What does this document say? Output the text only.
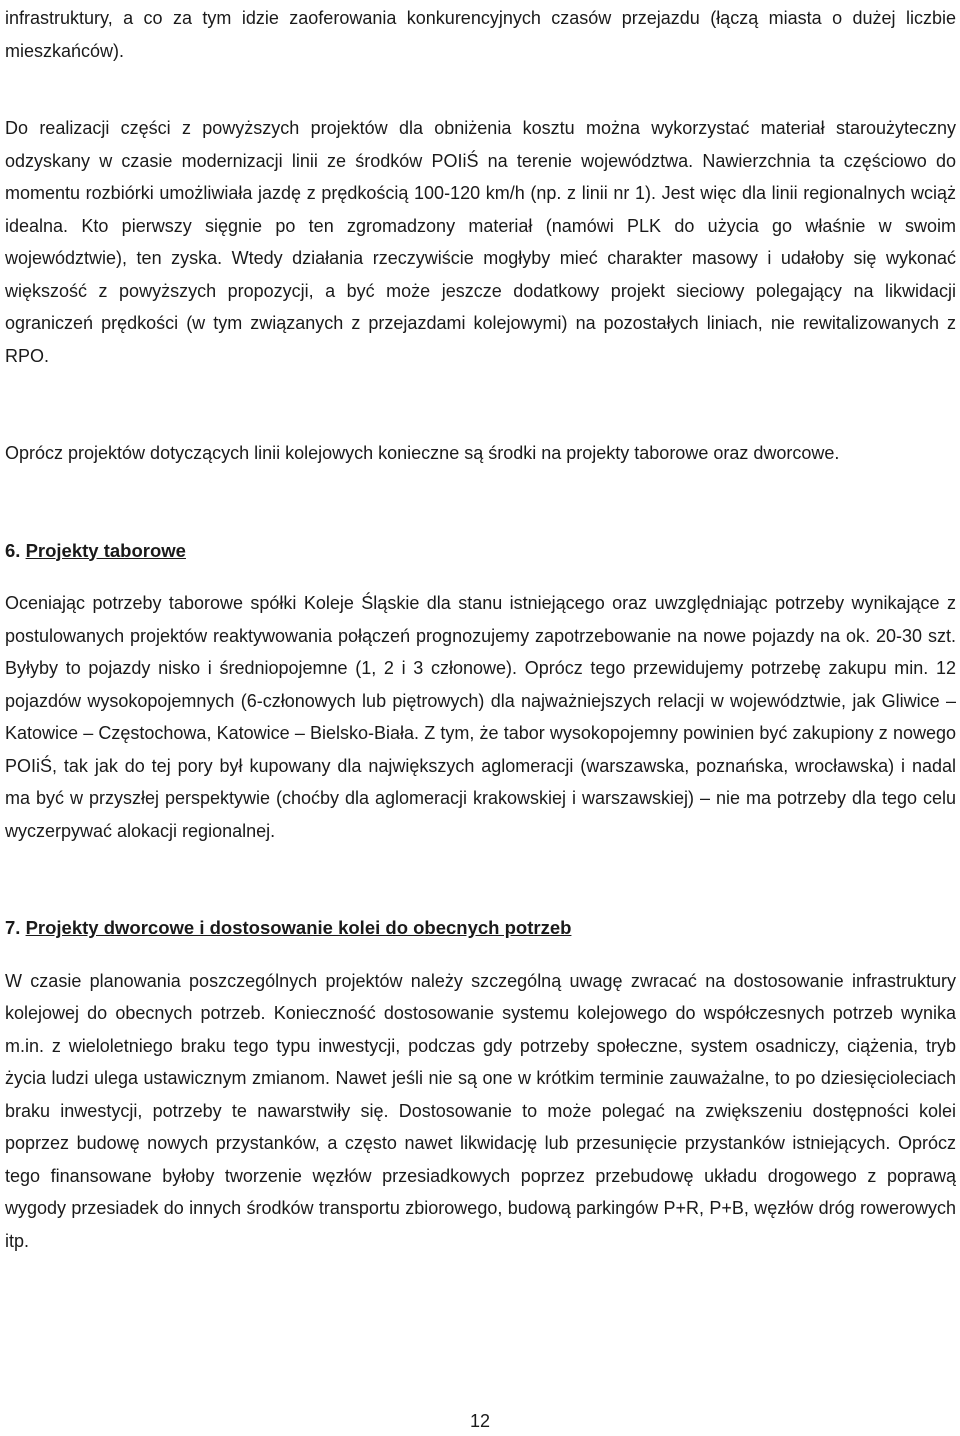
infrastruktury, a co za tym idzie zaoferowania konkurencyjnych czasów przejazdu (łączą miasta o dużej liczbie mieszkańców).

Do realizacji części z powyższych projektów dla obniżenia kosztu można wykorzystać materiał staroużyteczny odzyskany w czasie modernizacji linii ze środków POIiŚ na terenie województwa. Nawierzchnia ta częściowo do momentu rozbiórki umożliwiała jazdę z prędkością 100-120 km/h (np. z linii nr 1). Jest więc dla linii regionalnych wciąż idealna. Kto pierwszy sięgnie po ten zgromadzony materiał (namówi PLK do użycia go właśnie w swoim województwie), ten zyska. Wtedy działania rzeczywiście mogłyby mieć charakter masowy i udałoby się wykonać większość z powyższych propozycji, a być może jeszcze dodatkowy projekt sieciowy polegający na likwidacji ograniczeń prędkości (w tym związanych z przejazdami kolejowymi) na pozostałych liniach, nie rewitalizowanych z RPO.

Oprócz projektów dotyczących linii kolejowych konieczne są środki na projekty taborowe oraz dworcowe.

6. Projekty taborowe

Oceniając potrzeby taborowe spółki Koleje Śląskie dla stanu istniejącego oraz uwzględniając potrzeby wynikające z postulowanych projektów reaktywowania połączeń prognozujemy zapotrzebowanie na nowe pojazdy na ok. 20-30 szt. Byłyby to pojazdy nisko i średniopojemne (1, 2 i 3 członowe). Oprócz tego przewidujemy potrzebę zakupu min. 12 pojazdów wysokopojemnych (6-członowych lub piętrowych) dla najważniejszych relacji w województwie, jak Gliwice – Katowice – Częstochowa, Katowice – Bielsko-Biała. Z tym, że tabor wysokopojemny powinien być zakupiony z nowego POIiŚ, tak jak do tej pory był kupowany dla największych aglomeracji (warszawska, poznańska, wrocławska) i nadal ma być w przyszłej perspektywie (choćby dla aglomeracji krakowskiej i warszawskiej) – nie ma potrzeby dla tego celu wyczerpywać alokacji regionalnej.

7. Projekty dworcowe i dostosowanie kolei do obecnych potrzeb

W czasie planowania poszczególnych projektów należy szczególną uwagę zwracać na dostosowanie infrastruktury kolejowej do obecnych potrzeb. Konieczność dostosowanie systemu kolejowego do współczesnych potrzeb wynika m.in. z wieloletniego braku tego typu inwestycji, podczas gdy potrzeby społeczne, system osadniczy, ciążenia, tryb życia ludzi ulega ustawicznym zmianom. Nawet jeśli nie są one w krótkim terminie zauważalne, to po dziesięcioleciach braku inwestycji, potrzeby te nawarstwiły się. Dostosowanie to może polegać na zwiększeniu dostępności kolei poprzez budowę nowych przystanków, a często nawet likwidację lub przesunięcie przystanków istniejących. Oprócz tego finansowane byłoby tworzenie węzłów przesiadkowych poprzez przebudowę układu drogowego z poprawą wygody przesiadek do innych środków transportu zbiorowego, budową parkingów P+R, P+B, węzłów dróg rowerowych itp.

12
